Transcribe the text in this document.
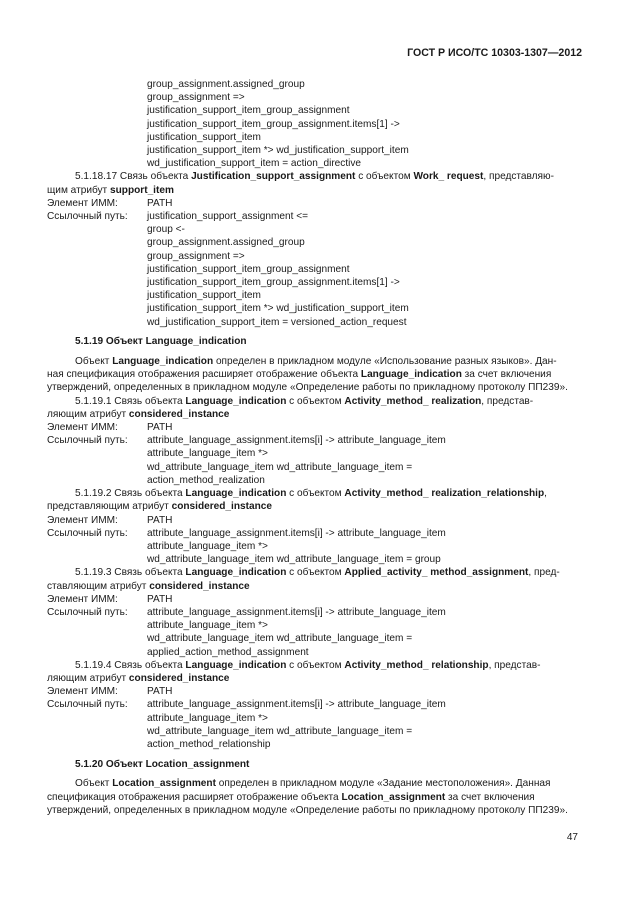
ГОСТ Р ИСО/ТС 10303-1307—2012
group_assignment.assigned_group
group_assignment =>
justification_support_item_group_assignment
justification_support_item_group_assignment.items[1] ->
justification_support_item
justification_support_item *> wd_justification_support_item
wd_justification_support_item = action_directive
5.1.18.17 Связь объекта Justification_support_assignment с объектом Work_ request, представляю-
щим атрибут support_item
Элемент ИММ:	PATH
Ссылочный путь: justification_support_assignment <=
group <-
group_assignment.assigned_group
group_assignment =>
justification_support_item_group_assignment
justification_support_item_group_assignment.items[1] ->
justification_support_item
justification_support_item *> wd_justification_support_item
wd_justification_support_item = versioned_action_request
5.1.19 Объект Language_indication
Объект Language_indication определен в прикладном модуле «Использование разных языков». Дан-
ная спецификация отображения расширяет отображение объекта Language_indication за счет включения
утверждений, определенных в прикладном модуле «Определение работы по прикладному протоколу ПП239».
5.1.19.1 Связь объекта Language_indication с объектом Activity_method_ realization, представ-
ляющим атрибут considered_instance
Элемент ИММ:	PATH
Ссылочный путь: attribute_language_assignment.items[i] -> attribute_language_item
attribute_language_item *>
wd_attribute_language_item wd_attribute_language_item =
action_method_realization
5.1.19.2 Связь объекта Language_indication с объектом Activity_method_ realization_relationship,
представляющим атрибут considered_instance
Элемент ИММ:	PATH
Ссылочный путь: attribute_language_assignment.items[i] -> attribute_language_item
attribute_language_item *>
wd_attribute_language_item wd_attribute_language_item = group
5.1.19.3 Связь объекта Language_indication с объектом Applied_activity_ method_assignment, пред-
ставляющим атрибут considered_instance
Элемент ИММ:	PATH
Ссылочный путь: attribute_language_assignment.items[i] -> attribute_language_item
attribute_language_item *>
wd_attribute_language_item wd_attribute_language_item =
applied_action_method_assignment
5.1.19.4 Связь объекта Language_indication с объектом Activity_method_ relationship, представ-
ляющим атрибут considered_instance
Элемент ИММ:	PATH
Ссылочный путь: attribute_language_assignment.items[i] -> attribute_language_item
attribute_language_item *>
wd_attribute_language_item wd_attribute_language_item =
action_method_relationship
5.1.20 Объект Location_assignment
Объект Location_assignment определен в прикладном модуле «Задание местоположения». Данная
спецификация отображения расширяет отображение объекта Location_assignment за счет включения
утверждений, определенных в прикладном модуле «Определение работы по прикладному протоколу ПП239».
47
